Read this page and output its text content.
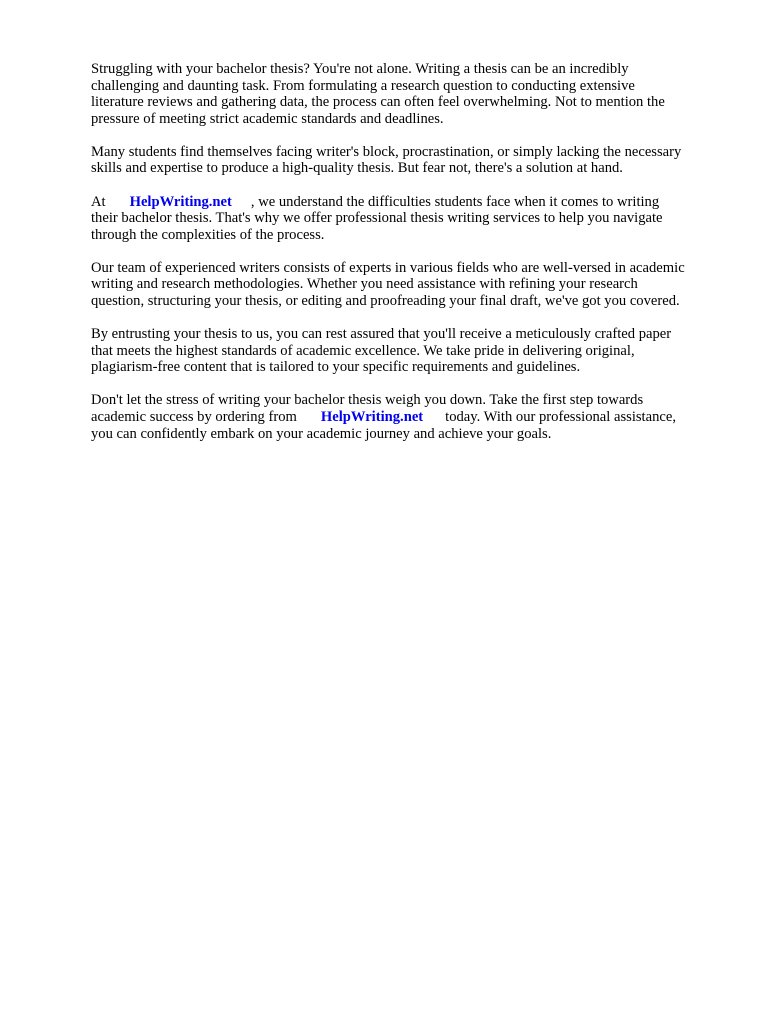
Struggling with your bachelor thesis? You're not alone. Writing a thesis can be an incredibly
challenging and daunting task. From formulating a research question to conducting extensive
literature reviews and gathering data, the process can often feel overwhelming. Not to mention the
pressure of meeting strict academic standards and deadlines.

Many students find themselves facing writer's block, procrastination, or simply lacking the necessary
skills and expertise to produce a high-quality thesis. But fear not, there's a solution at hand.

At HelpWriting.net , we understand the difficulties students face when it comes to writing
their bachelor thesis. That's why we offer professional thesis writing services to help you navigate
through the complexities of the process.

Our team of experienced writers consists of experts in various fields who are well-versed in academic
writing and research methodologies. Whether you need assistance with refining your research
question, structuring your thesis, or editing and proofreading your final draft, we've got you covered.

By entrusting your thesis to us, you can rest assured that you'll receive a meticulously crafted paper
that meets the highest standards of academic excellence. We take pride in delivering original,
plagiarism-free content that is tailored to your specific requirements and guidelines.

Don't let the stress of writing your bachelor thesis weigh you down. Take the first step towards
academic success by ordering from HelpWriting.net today. With our professional assistance,
you can confidently embark on your academic journey and achieve your goals.
